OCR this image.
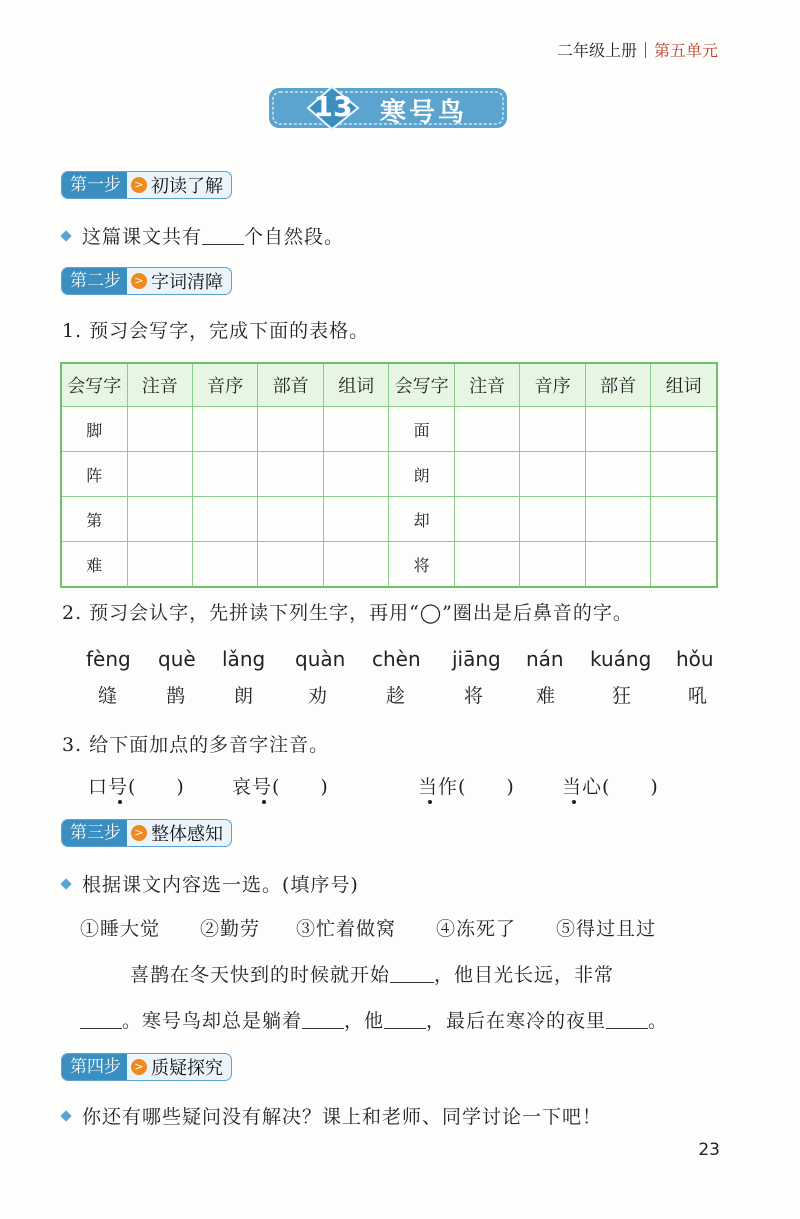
二年级上册 第五单元
13 寒号鸟
第一步	> 初读了解
这篇课文共有 个自然段。
第二步	> 字词清障
1. 预习会写字，完成下面的表格。
会写字	注音	音序	部首	组词	会写字	注音	音序	部首	组词
脚					面				
阵					朗				
第					却				
难					将				
2. 预习会认字，先拼读下列生字，再用“◯”圈出是后鼻音的字。
fèng què lǎng quàn chèn jiāng nán kuáng hǒu
缝	鹊	朗	劝	趁	将	难	狂	吼
3. 给下面加点的多音字注音。
口号(　　) 哀号(　　)	当作(　　) 当心(　　)
第三步	> 整体感知
根据课文内容选一选。(填序号)
①睡大觉 ②勤劳 ③忙着做窝 ④冻死了 ⑤得过且过
喜鹊在冬天快到的时候就开始 ，他目光长远，非常
。寒号鸟却总是躺着 ，他 ，最后在寒冷的夜里 。
第四步	> 质疑探究
你还有哪些疑问没有解决？课上和老师、同学讨论一下吧！
23
